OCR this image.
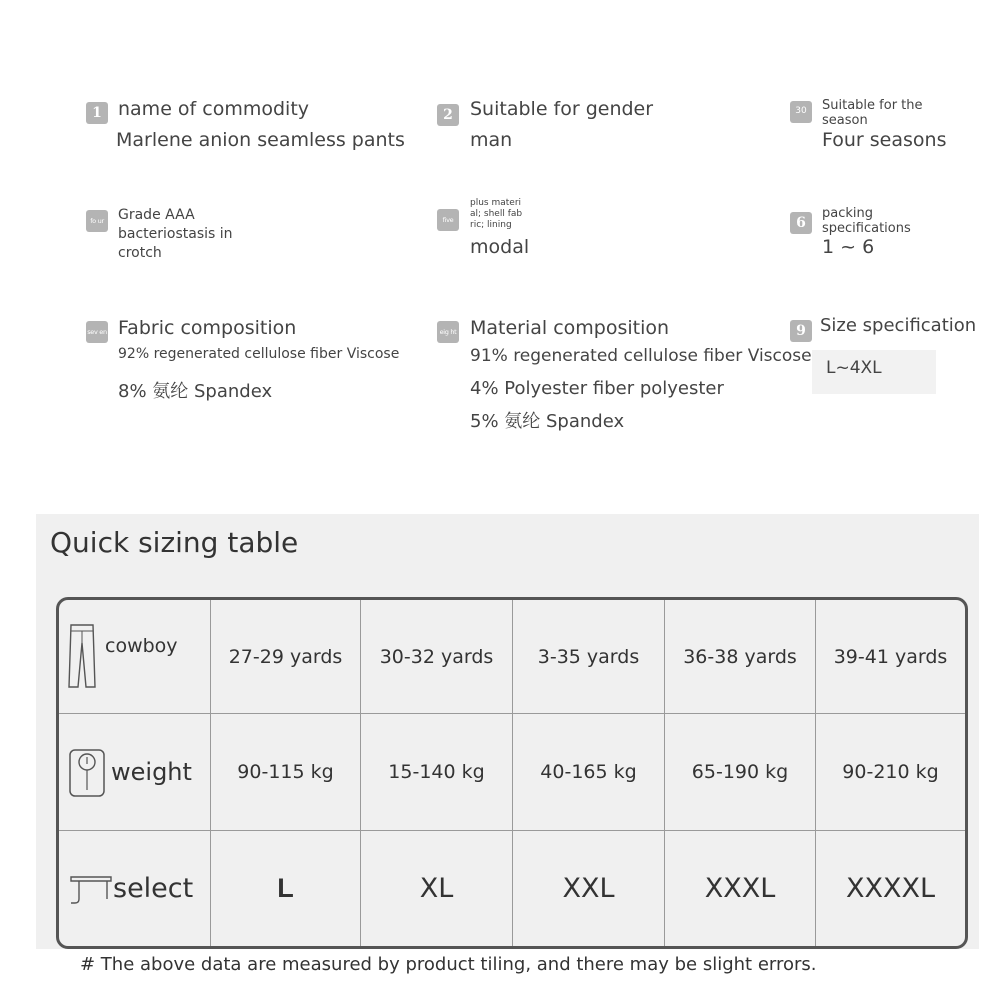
1 name of commodity
Marlene anion seamless pants
2 Suitable for gender
man
30	Suitable for the season
Four seasons
fo ur Grade AAA bacteriostasis in crotch
five
plus materi al; shell fab ric; lining
modal
6
packing specifications
1 ~ 6
sev en Fabric composition
92% regenerated cellulose fiber Viscose
8% 氨纶 Spandex
eig ht Material composition
91% regenerated cellulose fiber Viscose
4% Polyester fiber polyester
5% 氨纶 Spandex
9 Size specification
L~4XL
Quick sizing table
cowboy	27-29 yards	30-32 yards	3-35 yards	36-38 yards	39-41 yards
weight	90-115 kg	15-140 kg	40-165 kg	65-190 kg	90-210 kg
select	L	XL	XXL	XXXL	XXXXL
# The above data are measured by product tiling, and there may be slight errors.
